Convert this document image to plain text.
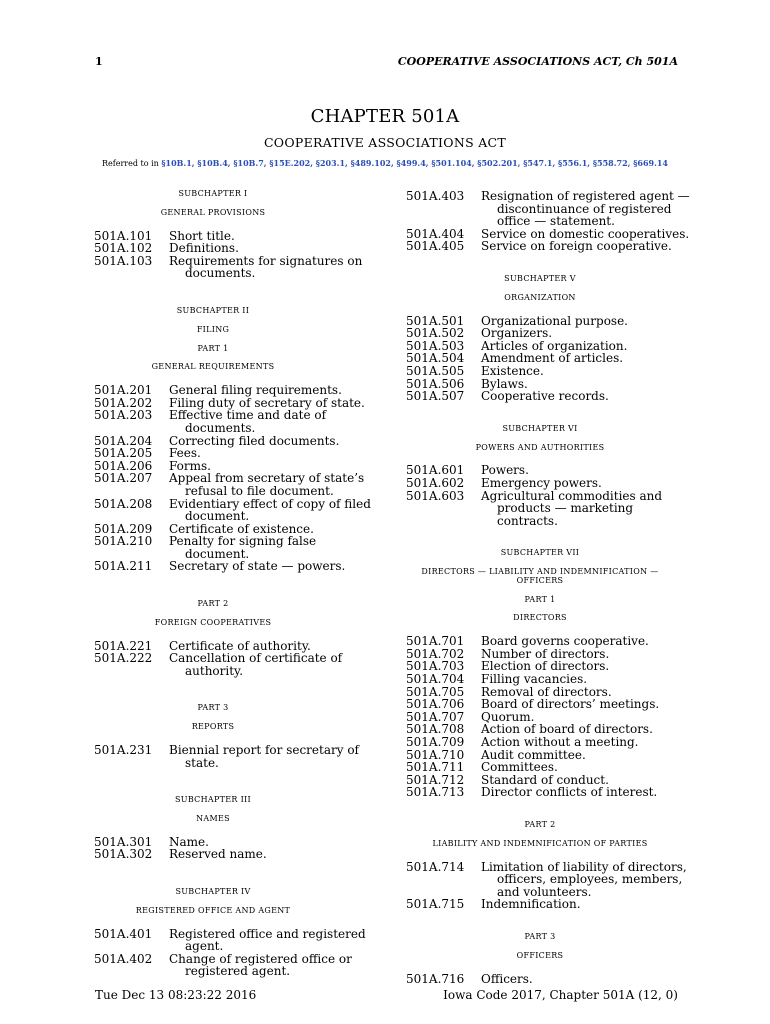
1	COOPERATIVE ASSOCIATIONS ACT, Ch 501A
CHAPTER 501A
COOPERATIVE ASSOCIATIONS ACT
Referred to in §10B.1, §10B.4, §10B.7, §15E.202, §203.1, §489.102, §499.4, §501.104, §502.201, §547.1, §556.1, §558.72, §669.14
SUBCHAPTER I
GENERAL PROVISIONS
501A.101	Short title.
501A.102	Definitions.
501A.103	Requirements for signatures on documents.
SUBCHAPTER II
FILING
PART 1
GENERAL REQUIREMENTS
501A.201	General filing requirements.
501A.202	Filing duty of secretary of state.
501A.203	Effective time and date of documents.
501A.204	Correcting filed documents.
501A.205	Fees.
501A.206	Forms.
501A.207	Appeal from secretary of state’s refusal to file document.
501A.208	Evidentiary effect of copy of filed document.
501A.209	Certificate of existence.
501A.210	Penalty for signing false document.
501A.211	Secretary of state — powers.
PART 2
FOREIGN COOPERATIVES
501A.221	Certificate of authority.
501A.222	Cancellation of certificate of authority.
PART 3
REPORTS
501A.231	Biennial report for secretary of state.
SUBCHAPTER III
NAMES
501A.301	Name.
501A.302	Reserved name.
SUBCHAPTER IV
REGISTERED OFFICE AND AGENT
501A.401	Registered office and registered agent.
501A.402	Change of registered office or registered agent.
501A.403	Resignation of registered agent — discontinuance of registered office — statement.
501A.404	Service on domestic cooperatives.
501A.405	Service on foreign cooperative.
SUBCHAPTER V
ORGANIZATION
501A.501	Organizational purpose.
501A.502	Organizers.
501A.503	Articles of organization.
501A.504	Amendment of articles.
501A.505	Existence.
501A.506	Bylaws.
501A.507	Cooperative records.
SUBCHAPTER VI
POWERS AND AUTHORITIES
501A.601	Powers.
501A.602	Emergency powers.
501A.603	Agricultural commodities and products — marketing contracts.
SUBCHAPTER VII
DIRECTORS — LIABILITY AND INDEMNIFICATION — OFFICERS
PART 1
DIRECTORS
501A.701	Board governs cooperative.
501A.702	Number of directors.
501A.703	Election of directors.
501A.704	Filling vacancies.
501A.705	Removal of directors.
501A.706	Board of directors’ meetings.
501A.707	Quorum.
501A.708	Action of board of directors.
501A.709	Action without a meeting.
501A.710	Audit committee.
501A.711	Committees.
501A.712	Standard of conduct.
501A.713	Director conflicts of interest.
PART 2
LIABILITY AND INDEMNIFICATION OF PARTIES
501A.714	Limitation of liability of directors, officers, employees, members, and volunteers.
501A.715	Indemnification.
PART 3
OFFICERS
501A.716	Officers.
Tue Dec 13 08:23:22 2016	Iowa Code 2017, Chapter 501A (12, 0)
